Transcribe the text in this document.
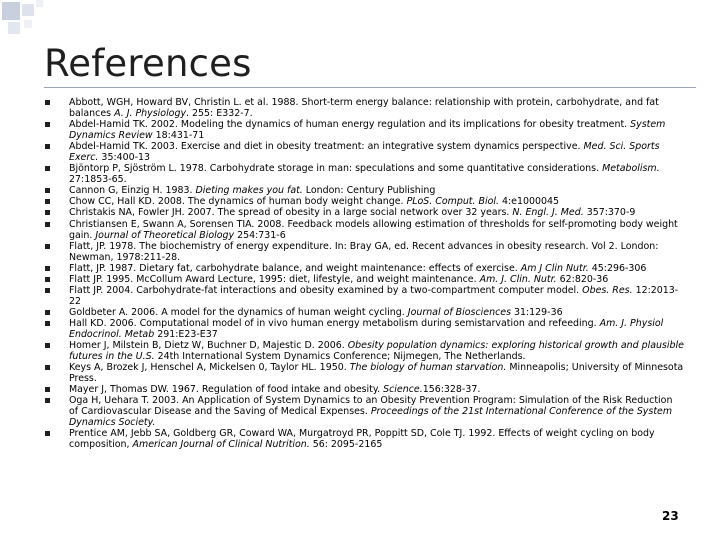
References
Abbott, WGH, Howard BV, Christin L. et al. 1988. Short-term energy balance: relationship with protein, carbohydrate, and fat balances A. J. Physiology. 255: E332-7.
Abdel-Hamid TK. 2002. Modeling the dynamics of human energy regulation and its implications for obesity treatment. System Dynamics Review 18:431-71
Abdel-Hamid TK. 2003. Exercise and diet in obesity treatment: an integrative system dynamics perspective. Med. Sci. Sports Exerc. 35:400-13
Bjöntorp P, Sjöström L. 1978. Carbohydrate storage in man: speculations and some quantitative considerations. Metabolism. 27:1853-65.
Cannon G, Einzig H. 1983. Dieting makes you fat. London: Century Publishing
Chow CC, Hall KD. 2008. The dynamics of human body weight change. PLoS. Comput. Biol. 4:e1000045
Christakis NA, Fowler JH. 2007. The spread of obesity in a large social network over 32 years. N. Engl. J. Med. 357:370-9
Christiansen E, Swann A, Sorensen TIA. 2008. Feedback models allowing estimation of thresholds for self-promoting body weight gain. Journal of Theoretical Biology 254:731-6
Flatt, JP. 1978. The biochemistry of energy expenditure. In: Bray GA, ed. Recent advances in obesity research. Vol 2. London: Newman, 1978:211-28.
Flatt, JP. 1987. Dietary fat, carbohydrate balance, and weight maintenance: effects of exercise. Am J Clin Nutr. 45:296-306
Flatt JP. 1995. McCollum Award Lecture, 1995: diet, lifestyle, and weight maintenance. Am. J. Clin. Nutr. 62:820-36
Flatt JP. 2004. Carbohydrate-fat interactions and obesity examined by a two-compartment computer model. Obes. Res. 12:2013-22
Goldbeter A. 2006. A model for the dynamics of human weight cycling. Journal of Biosciences 31:129-36
Hall KD. 2006. Computational model of in vivo human energy metabolism during semistarvation and refeeding. Am. J. Physiol Endocrinol. Metab 291:E23-E37
Homer J, Milstein B, Dietz W, Buchner D, Majestic D. 2006. Obesity population dynamics: exploring historical growth and plausible futures in the U.S. 24th International System Dynamics Conference; Nijmegen, The Netherlands.
Keys A, Brozek J, Henschel A, Mickelsen 0, Taylor HL. 1950. The biology of human starvation. Minneapolis; University of Minnesota Press.
Mayer J, Thomas DW. 1967. Regulation of food intake and obesity. Science.156:328-37.
Oga H, Uehara T. 2003. An Application of System Dynamics to an Obesity Prevention Program: Simulation of the Risk Reduction of Cardiovascular Disease and the Saving of Medical Expenses. Proceedings of the 21st International Conference of the System Dynamics Society.
Prentice AM, Jebb SA, Goldberg GR, Coward WA, Murgatroyd PR, Poppitt SD, Cole TJ. 1992. Effects of weight cycling on body composition, American Journal of Clinical Nutrition. 56: 2095-2165
23
